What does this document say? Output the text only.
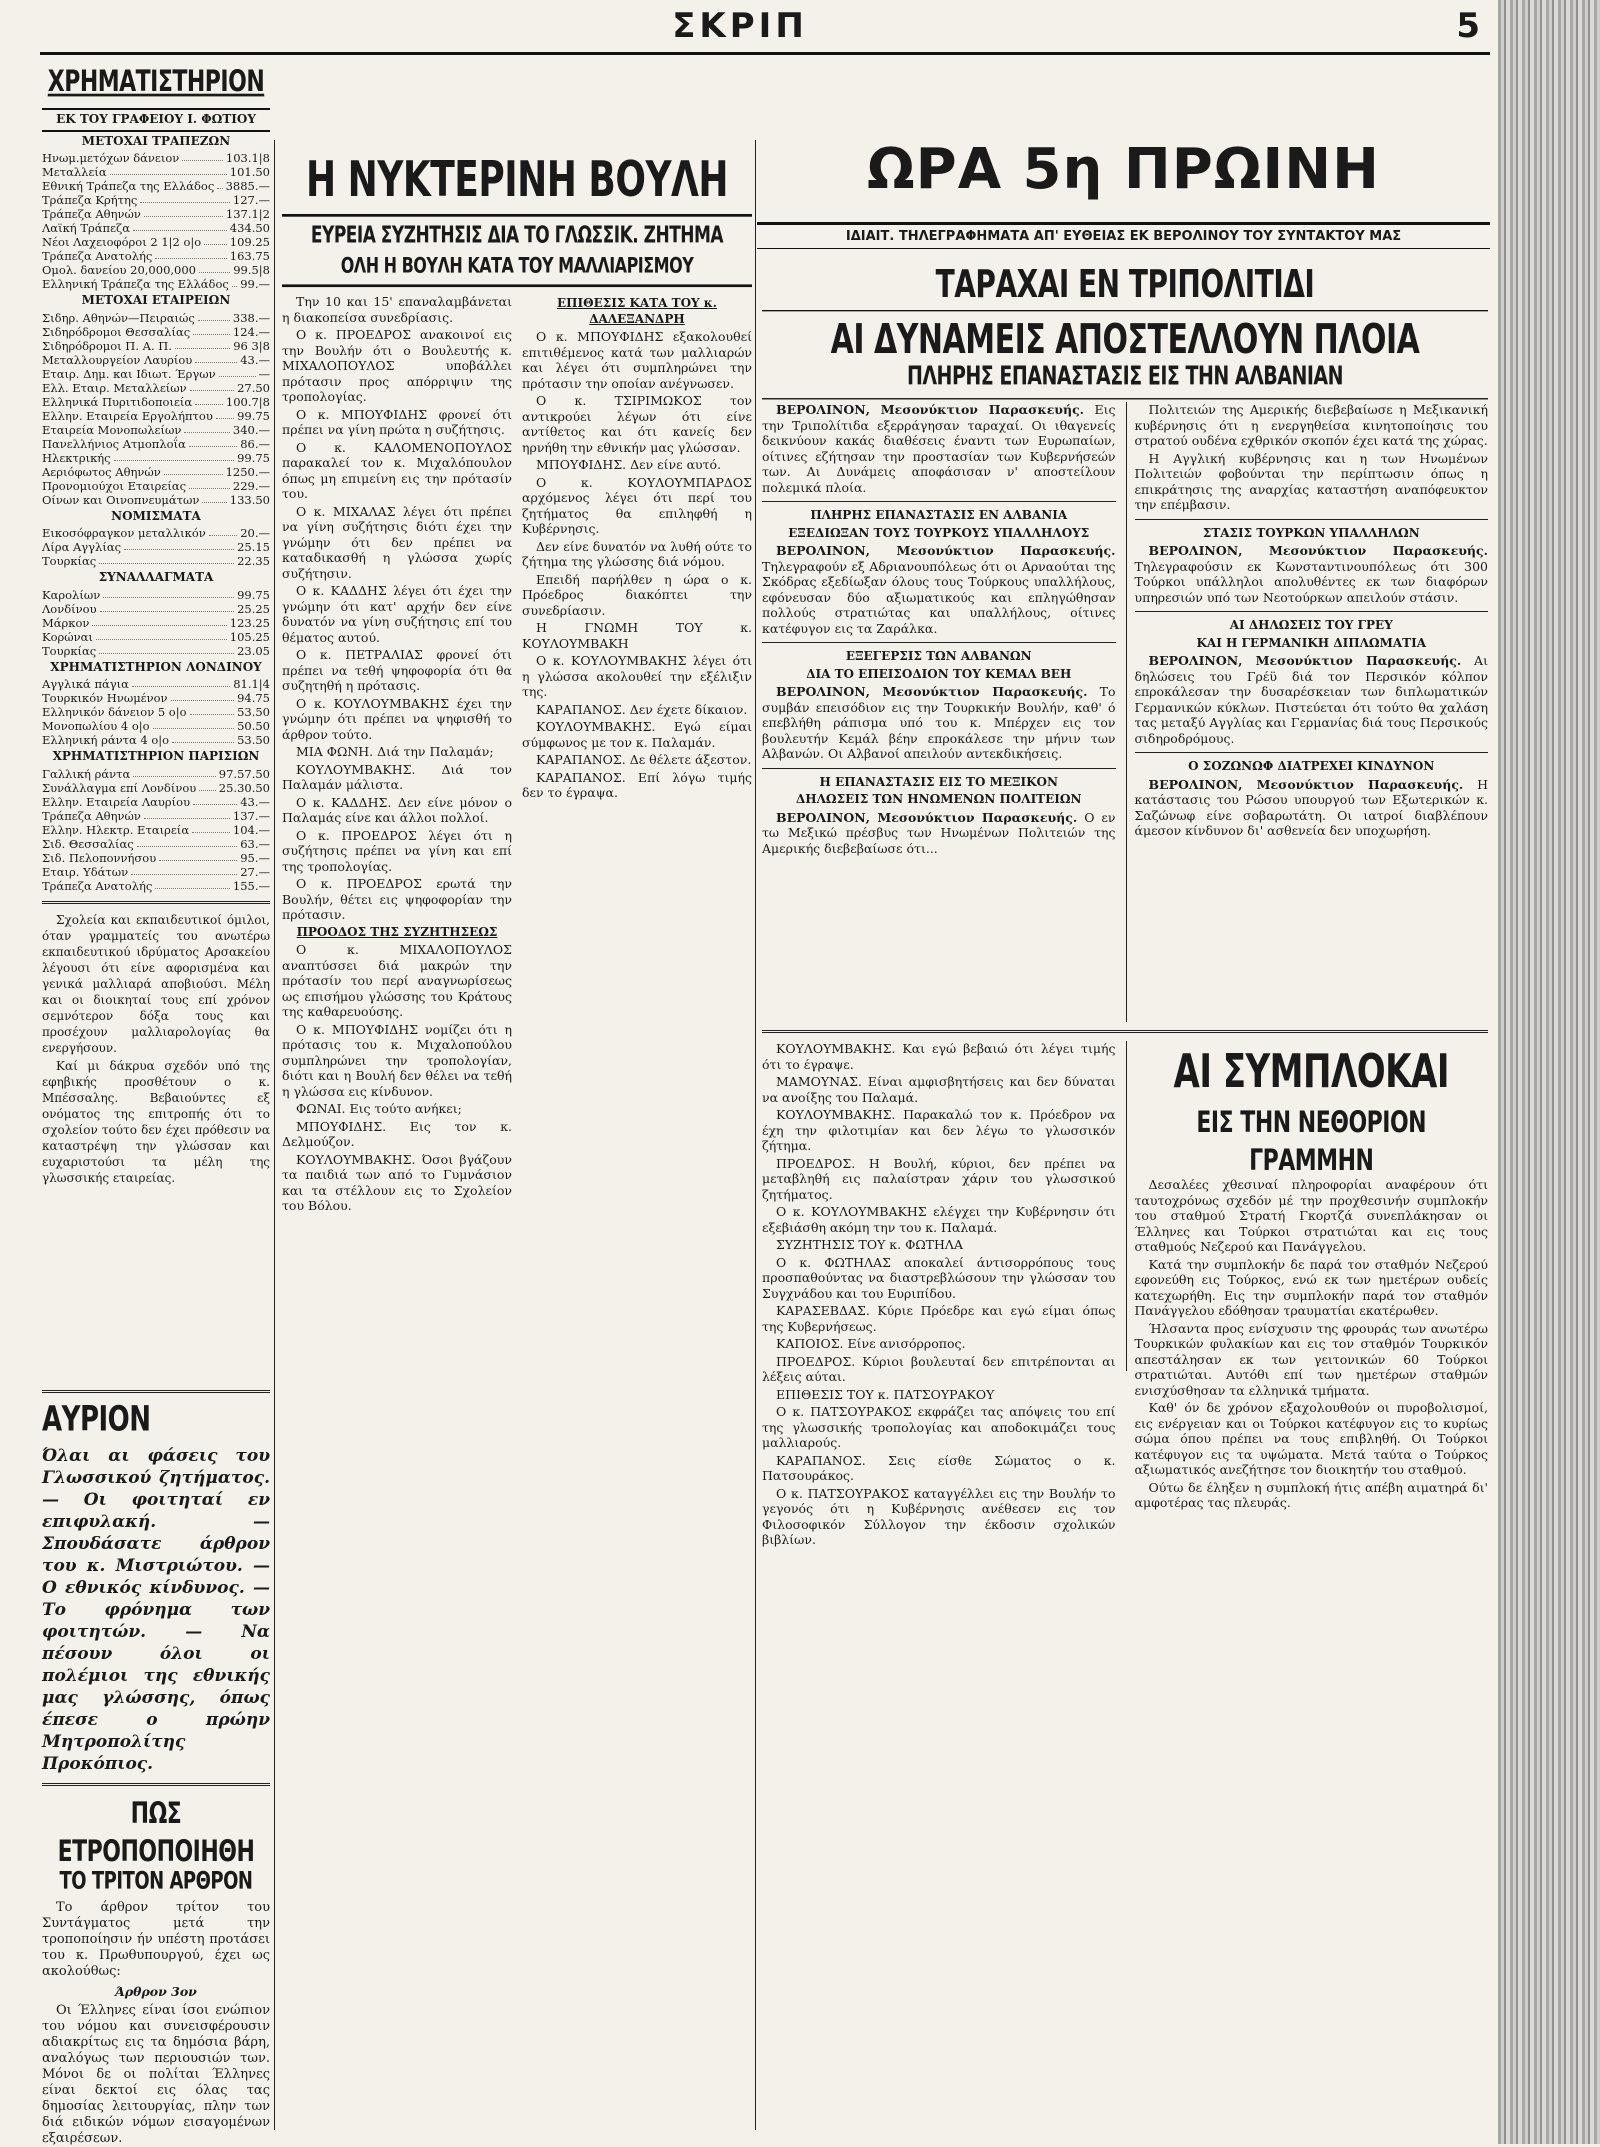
ΣΚΡΙΠ	5
ΧΡΗΜΑΤΙΣΤΗΡΙΟΝ
ΕΚ ΤΟΥ ΓΡΑΦΕΙΟΥ Ι. ΦΩΤΙΟΥ
ΜΕΤΟΧΑΙ ΤΡΑΠΕΖΩΝ
Ηνωμ.μετόχων δάνειον	103.1|8
Μεταλλεία	101.50
Εθνική Τράπεζα της Ελλάδος 3885.—
Τράπεζα Κρήτης	127.—
Τράπεζα Αθηνών	137.1|2
Λαϊκή Τράπεζα	434.50
Νέοι Λαχειοφόροι 2 1|2 ο|ο 109.25
Τράπεζα Ανατολής	163.75
Ομολ. δανείου 20,000,000	99.5|8
Ελληνική Τράπεζα της Ελλάδος 99.—
ΜΕΤΟΧΑΙ ΕΤΑΙΡΕΙΩΝ
Σιδηρ. Αθηνών—Πειραιώς	338.—
Σιδηρόδρομοι Θεσσαλίας	124.—
Σιδηρόδρομοι Π. Α. Π.	96 3|8
Μεταλλουργείον Λαυρίου	43.—
Εταιρ. Δημ. και Ιδιωτ. Έργων	—
Ελλ. Εταιρ. Μεταλλείων	27.50
Ελληνικά Πυριτιδοποιεία	100.7|8
Ελλην. Εταιρεία Εργολήπτου 99.75
Εταιρεία Μονοπωλείων	340.—
Πανελλήνιος Ατμοπλοΐα	86.—
Ηλεκτρικής	99.75
Αεριόφωτος Αθηνών	1250.—
Προνομιούχοι Εταιρείας	229.—
Οίνων και Οινοπνευμάτων	133.50
ΝΟΜΙΣΜΑΤΑ
Εικοσόφραγκον μεταλλικόν	20.—
Λίρα Αγγλίας	25.15
Τουρκίας	22.35
ΣΥΝΑΛΛΑΓΜΑΤΑ
Καρολίων	99.75
Λονδίνου	25.25
Μάρκον	123.25
Κορώναι	105.25
Τουρκίας	23.05
ΧΡΗΜΑΤΙΣΤΗΡΙΟΝ ΛΟΝΔΙΝΟΥ
Αγγλικά πάγια	81.1|4
Τουρκικόν Ηνωμένον	94.75
Ελληνικόν δάνειον 5 ο|ο	53.50
Μονοπωλίου 4 ο|ο	50.50
Ελληνική ράντα 4 ο|ο	53.50
ΧΡΗΜΑΤΙΣΤΗΡΙΟΝ ΠΑΡΙΣΙΩΝ
Γαλλική ράντα	97.57.50
Συνάλλαγμα επί Λονδίνου 25.30.50
Ελλην. Εταιρεία Λαυρίου	43.—
Τράπεζα Αθηνών	137.—
Ελλην. Ηλεκτρ. Εταιρεία	104.—
Σιδ. Θεσσαλίας	63.—
Σιδ. Πελοποννήσου	95.—
Εταιρ. Υδάτων	27.—
Τράπεζα Ανατολής	155.—

Σχολεία και εκπαιδευτικοί όμιλοι, όταν γραμματείς του ανωτέρω εκπαιδευτικού ιδρύματος Αρσακείου λέγουσι ότι είνε αφορισμένα και γενικά μαλλιαρά αποβιούσι. Μέλη και οι διοικηταί τους επί χρόνον σεμνότερον δόξα τους και προσέχουν μαλλιαρολογίας θα ενεργήσουν.

Καί μι δάκρυα σχεδόν υπό της εφηβικής προσθέτουν ο κ. Μπέσσαλης. Βεβαιούντες εξ ονόματος της επιτροπής ότι το σχολείον τούτο δεν έχει πρόθεσιν να καταστρέψη την γλώσσαν και ευχαριστούσι τα μέλη της γλωσσικής εταιρείας.

ΑΥΡΙΟΝ
Όλαι αι φάσεις του Γλωσσικού ζητήματος. — Οι φοιτηταί εν επιφυλακή. — Σπουδάσατε άρθρον του κ. Μιστριώτου. — Ο εθνικός κίνδυνος. — Το φρόνημα των φοιτητών. — Να πέσουν όλοι οι πολέμιοι της εθνικής μας γλώσσης, όπως έπεσε ο πρώην Μητροπολίτης Προκόπιος.
ΠΩΣ ΕΤΡΟΠΟΠΟΙΗΘΗ
ΤΟ ΤΡΙΤΟΝ ΑΡΘΡΟΝ

Το άρθρον τρίτον του Συντάγματος μετά την τροποποίησιν ήν υπέστη προτάσει του κ. Πρωθυπουργού, έχει ως ακολούθως:

Άρθρον 3ον

Οι Έλληνες είναι ίσοι ενώπιον του νόμου και συνεισφέρουσιν αδιακρίτως εις τα δημόσια βάρη, αναλόγως των περιουσιών των. Μόνοι δε οι πολίται Έλληνες είναι δεκτοί εις όλας τας δημοσίας λειτουργίας, πλην των διά ειδικών νόμων εισαγομένων εξαιρέσεων.

Η ΝΥΚΤΕΡΙΝΗ ΒΟΥΛΗ
ΕΥΡΕΙΑ ΣΥΖΗΤΗΣΙΣ ΔΙΑ ΤΟ ΓΛΩΣΣΙΚ. ΖΗΤΗΜΑ
ΟΛΗ Η ΒΟΥΛΗ ΚΑΤΑ ΤΟΥ ΜΑΛΛΙΑΡΙΣΜΟΥ

Την 10 και 15' επαναλαμβάνεται η διακοπείσα συνεδρίασις.

Ο κ. ΠΡΟΕΔΡΟΣ ανακοινοί εις την Βουλήν ότι ο Βουλευτής κ. ΜΙΧΑΛΟΠΟΥΛΟΣ υποβάλλει πρότασιν προς απόρριψιν της τροπολογίας.

Ο κ. ΜΠΟΥΦΙΔΗΣ φρονεί ότι πρέπει να γίνη πρώτα η συζήτησις.

Ο κ. ΚΑΛΟΜΕΝΟΠΟΥΛΟΣ παρακαλεί τον κ. Μιχαλόπουλον όπως μη επιμείνη εις την πρότασίν του.

Ο κ. ΜΙΧΑΛΑΣ λέγει ότι πρέπει να γίνη συζήτησις διότι έχει την γνώμην ότι δεν πρέπει να καταδικασθή η γλώσσα χωρίς συζήτησιν.

Ο κ. ΚΑΔΔΗΣ λέγει ότι έχει την γνώμην ότι κατ' αρχήν δεν είνε δυνατόν να γίνη συζήτησις επί του θέματος αυτού.

Ο κ. ΠΕΤΡΑΛΙΑΣ φρονεί ότι πρέπει να τεθή ψηφοφορία ότι θα συζητηθή η πρότασις.

Ο κ. ΚΟΥΛΟΥΜΒΑΚΗΣ έχει την γνώμην ότι πρέπει να ψηφισθή το άρθρον τούτο.

ΜΙΑ ΦΩΝΗ. Διά την Παλαμάν;

ΚΟΥΛΟΥΜΒΑΚΗΣ. Διά τον Παλαμάν μάλιστα.

Ο κ. ΚΑΔΔΗΣ. Δεν είνε μόνον ο Παλαμάς είνε και άλλοι πολλοί.

Ο κ. ΠΡΟΕΔΡΟΣ λέγει ότι η συζήτησις πρέπει να γίνη και επί της τροπολογίας.

Ο κ. ΠΡΟΕΔΡΟΣ ερωτά την Βουλήν, θέτει εις ψηφοφορίαν την πρότασιν.

ΠΡΟΟΔΟΣ ΤΗΣ ΣΥΖΗΤΗΣΕΩΣ

Ο κ. ΜΙΧΑΛΟΠΟΥΛΟΣ αναπτύσσει διά μακρών την πρότασίν του περί αναγνωρίσεως ως επισήμου γλώσσης του Κράτους της καθαρευούσης.

Ο κ. ΜΠΟΥΦΙΔΗΣ νομίζει ότι η πρότασις του κ. Μιχαλοπούλου συμπληρώνει την τροπολογίαν, διότι και η Βουλή δεν θέλει να τεθή η γλώσσα εις κίνδυνον.

ΦΩΝΑΙ. Εις τούτο ανήκει;

ΜΠΟΥΦΙΔΗΣ. Εις τον κ. Δελμούζον.

ΚΟΥΛΟΥΜΒΑΚΗΣ. Όσοι βγάζουν τα παιδιά των από το Γυμνάσιον και τα στέλλουν εις το Σχολείον του Βόλου.

ΕΠΙΘΕΣΙΣ ΚΑΤΑ ΤΟΥ κ. ΔΑΛΕΞΑΝΔΡΗ

Ο κ. ΜΠΟΥΦΙΔΗΣ εξακολουθεί επιτιθέμενος κατά των μαλλιαρών και λέγει ότι συμπληρώνει την πρότασιν την οποίαν ανέγνωσεν.

Ο κ. ΤΣΙΡΙΜΩΚΟΣ τον αντικρούει λέγων ότι είνε αντίθετος και ότι κανείς δεν ηρνήθη την εθνικήν μας γλώσσαν.

ΜΠΟΥΦΙΔΗΣ. Δεν είνε αυτό.

Ο κ. ΚΟΥΛΟΥΜΠΑΡΔΟΣ αρχόμενος λέγει ότι περί του ζητήματος θα επιληφθή η Κυβέρνησις.

Δεν είνε δυνατόν να λυθή ούτε το ζήτημα της γλώσσης διά νόμου.

Επειδή παρήλθεν η ώρα ο κ. Πρόεδρος διακόπτει την συνεδρίασιν.

Η ΓΝΩΜΗ ΤΟΥ κ. ΚΟΥΛΟΥΜΒΑΚΗ

Ο κ. ΚΟΥΛΟΥΜΒΑΚΗΣ λέγει ότι η γλώσσα ακολουθεί την εξέλιξιν της.

ΚΑΡΑΠΑΝΟΣ. Δεν έχετε δίκαιον.

ΚΟΥΛΟΥΜΒΑΚΗΣ. Εγώ είμαι σύμφωνος με τον κ. Παλαμάν.

ΚΑΡΑΠΑΝΟΣ. Δε θέλετε άξεστον.

ΚΑΡΑΠΑΝΟΣ. Επί λόγω τιμής δεν το έγραψα.

ΩΡΑ 5η ΠΡΩΙΝΗ
ΙΔΙΑΙΤ. ΤΗΛΕΓΡΑΦΗΜΑΤΑ ΑΠ' ΕΥΘΕΙΑΣ ΕΚ ΒΕΡΟΛΙΝΟΥ ΤΟΥ ΣΥΝΤΑΚΤΟΥ ΜΑΣ
ΤΑΡΑΧΑΙ ΕΝ ΤΡΙΠΟΛΙΤΙΔΙ
ΑΙ ΔΥΝΑΜΕΙΣ ΑΠΟΣΤΕΛΛΟΥΝ ΠΛΟΙΑ
ΠΛΗΡΗΣ ΕΠΑΝΑΣΤΑΣΙΣ ΕΙΣ ΤΗΝ ΑΛΒΑΝΙΑΝ

ΒΕΡΟΛΙΝΟΝ, Μεσονύκτιον Παρασκευής. Εις την Τριπολίτιδα εξερράγησαν ταραχαί. Οι ιθαγενείς δεικνύουν κακάς διαθέσεις έναντι των Ευρωπαίων, οίτινες εζήτησαν την προστασίαν των Κυβερνήσεών των. Αι Δυνάμεις αποφάσισαν ν' αποστείλουν πολεμικά πλοία.

ΠΛΗΡΗΣ ΕΠΑΝΑΣΤΑΣΙΣ ΕΝ ΑΛΒΑΝΙΑ
ΕΞΕΔΙΩΞΑΝ ΤΟΥΣ ΤΟΥΡΚΟΥΣ ΥΠΑΛΛΗΛΟΥΣ

ΒΕΡΟΛΙΝΟΝ, Μεσονύκτιον Παρασκευής. Τηλεγραφούν εξ Αδριανουπόλεως ότι οι Αρναούται της Σκόδρας εξεδίωξαν όλους τους Τούρκους υπαλλήλους, εφόνευσαν δύο αξιωματικούς και επληγώθησαν πολλούς στρατιώτας και υπαλλήλους, οίτινες κατέφυγον εις τα Ζαράλκα.

ΕΞΕΓΕΡΣΙΣ ΤΩΝ ΑΛΒΑΝΩΝ
ΔΙΑ ΤΟ ΕΠΕΙΣΟΔΙΟΝ ΤΟΥ ΚΕΜΑΛ ΒΕΗ

ΒΕΡΟΛΙΝΟΝ, Μεσονύκτιον Παρασκευής. Το συμβάν επεισόδιον εις την Τουρκικήν Βουλήν, καθ' ό επεβλήθη ράπισμα υπό του κ. Μπέρχεν εις τον βουλευτήν Κεμάλ βέην επροκάλεσε την μήνιν των Αλβανών. Οι Αλβανοί απειλούν αντεκδικήσεις.

Η ΕΠΑΝΑΣΤΑΣΙΣ ΕΙΣ ΤΟ ΜΕΞΙΚΟΝ
ΔΗΛΩΣΕΙΣ ΤΩΝ ΗΝΩΜΕΝΩΝ ΠΟΛΙΤΕΙΩΝ

ΒΕΡΟΛΙΝΟΝ, Μεσονύκτιον Παρασκευής. Ο εν τω Μεξικώ πρέσβυς των Ηνωμένων Πολιτειών της Αμερικής διεβεβαίωσε ότι...

Πολιτειών της Αμερικής διεβεβαίωσε η Μεξικανική κυβέρνησις ότι η ενεργηθείσα κινητοποίησις του στρατού ουδένα εχθρικόν σκοπόν έχει κατά της χώρας.

Η Αγγλική κυβέρνησις και η των Ηνωμένων Πολιτειών φοβούνται την περίπτωσιν όπως η επικράτησις της αναρχίας καταστήση αναπόφευκτον την επέμβασιν.

ΣΤΑΣΙΣ ΤΟΥΡΚΩΝ ΥΠΑΛΛΗΛΩΝ

ΒΕΡΟΛΙΝΟΝ, Μεσονύκτιον Παρασκευής. Τηλεγραφούσιν εκ Κωνσταντινουπόλεως ότι 300 Τούρκοι υπάλληλοι απολυθέντες εκ των διαφόρων υπηρεσιών υπό των Νεοτούρκων απειλούν στάσιν.

ΑΙ ΔΗΛΩΣΕΙΣ ΤΟΥ ΓΡΕΥ
ΚΑΙ Η ΓΕΡΜΑΝΙΚΗ ΔΙΠΛΩΜΑΤΙΑ

ΒΕΡΟΛΙΝΟΝ, Μεσονύκτιον Παρασκευής. Αι δηλώσεις του Γρέϋ διά τον Περσικόν κόλπον επροκάλεσαν την δυσαρέσκειαν των διπλωματικών Γερμανικών κύκλων. Πιστεύεται ότι τούτο θα χαλάση τας μεταξύ Αγγλίας και Γερμανίας διά τους Περσικούς σιδηροδρόμους.

Ο ΣΟΖΩΝΩΦ ΔΙΑΤΡΕΧΕΙ ΚΙΝΔΥΝΟΝ

ΒΕΡΟΛΙΝΟΝ, Μεσονύκτιον Παρασκευής. Η κατάστασις του Ρώσου υπουργού των Εξωτερικών κ. Σαζώνωφ είνε σοβαρωτάτη. Οι ιατροί διαβλέπουν άμεσον κίνδυνον δι' ασθενεία δεν υποχωρήση.

ΚΟΥΛΟΥΜΒΑΚΗΣ. Και εγώ βεβαιώ ότι λέγει τιμής ότι το έγραψε.

ΜΑΜΟΥΝΑΣ. Είναι αμφισβητήσεις και δεν δύναται να ανοίξης του Παλαμά.

ΚΟΥΛΟΥΜΒΑΚΗΣ. Παρακαλώ τον κ. Πρόεδρον να έχη την φιλοτιμίαν και δεν λέγω το γλωσσικόν ζήτημα.

ΠΡΟΕΔΡΟΣ. Η Βουλή, κύριοι, δεν πρέπει να μεταβληθή εις παλαίστραν χάριν του γλωσσικού ζητήματος.

Ο κ. ΚΟΥΛΟΥΜΒΑΚΗΣ ελέγχει την Κυβέρνησιν ότι εξεβιάσθη ακόμη την του κ. Παλαμά.

ΣΥΖΗΤΗΣΙΣ ΤΟΥ κ. ΦΩΤΗΛΑ

Ο κ. ΦΩΤΗΛΑΣ αποκαλεί άντισορρόπους τους προσπαθούντας να διαστρεβλώσουν την γλώσσαν του Συγχνάδου και του Ευριπίδου.

ΚΑΡΑΣΕΒΔΑΣ. Κύριε Πρόεδρε και εγώ είμαι όπως της Κυβερνήσεως.

ΚΑΠΟΙΟΣ. Είνε ανισόρροπος.

ΠΡΟΕΔΡΟΣ. Κύριοι βουλευταί δεν επιτρέπονται αι λέξεις αύται.

ΕΠΙΘΕΣΙΣ ΤΟΥ κ. ΠΑΤΣΟΥΡΑΚΟΥ

Ο κ. ΠΑΤΣΟΥΡΑΚΟΣ εκφράζει τας απόψεις του επί της γλωσσικής τροπολογίας και αποδοκιμάζει τους μαλλιαρούς.

ΚΑΡΑΠΑΝΟΣ. Σεις είσθε Σώματος ο κ. Πατσουράκος.

Ο κ. ΠΑΤΣΟΥΡΑΚΟΣ καταγγέλλει εις την Βουλήν το γεγονός ότι η Κυβέρνησις ανέθεσεν εις τον Φιλοσοφικόν Σύλλογον την έκδοσιν σχολικών βιβλίων.

ΑΙ ΣΥΜΠΛΟΚΑΙ
ΕΙΣ ΤΗΝ ΝΕΘΟΡΙΟΝ ΓΡΑΜΜΗΝ

Δεσαλέες χθεσιναί πληροφορίαι αναφέρουν ότι ταυτοχρόνως σχεδόν μέ την προχθεσινήν συμπλοκήν του σταθμού Στρατή Γκορτζά συνεπλάκησαν οι Έλληνες και Τούρκοι στρατιώται και εις τους σταθμούς Νεζερού και Πανάγγελου.

Κατά την συμπλοκήν δε παρά τον σταθμόν Νεζερού εφονεύθη εις Τούρκος, ενώ εκ των ημετέρων ουδείς κατεχωρήθη. Εις την συμπλοκήν παρά τον σταθμόν Πανάγγελου εδόθησαν τραυματίαι εκατέρωθεν.

Ήλσαντα προς ενίσχυσιν της φρουράς των ανωτέρω Τουρκικών φυλακίων και εις τον σταθμόν Τουρκικόν απεστάλησαν εκ των γειτονικών 60 Τούρκοι στρατιώται. Αυτόθι επί των ημετέρων σταθμών ενισχύσθησαν τα ελληνικά τμήματα.

Καθ' όν δε χρόνον εξαχολουθούν οι πυροβολισμοί, εις ενέργειαν και οι Τούρκοι κατέφυγον εις το κυρίως σώμα όπου πρέπει να τους επιβληθή. Οι Τούρκοι κατέφυγον εις τα υψώματα. Μετά ταύτα ο Τούρκος αξιωματικός ανεζήτησε τον διοικητήν του σταθμού.

Ούτω δε έληξεν η συμπλοκή ήτις απέβη αιματηρά δι' αμφοτέρας τας πλευράς.
